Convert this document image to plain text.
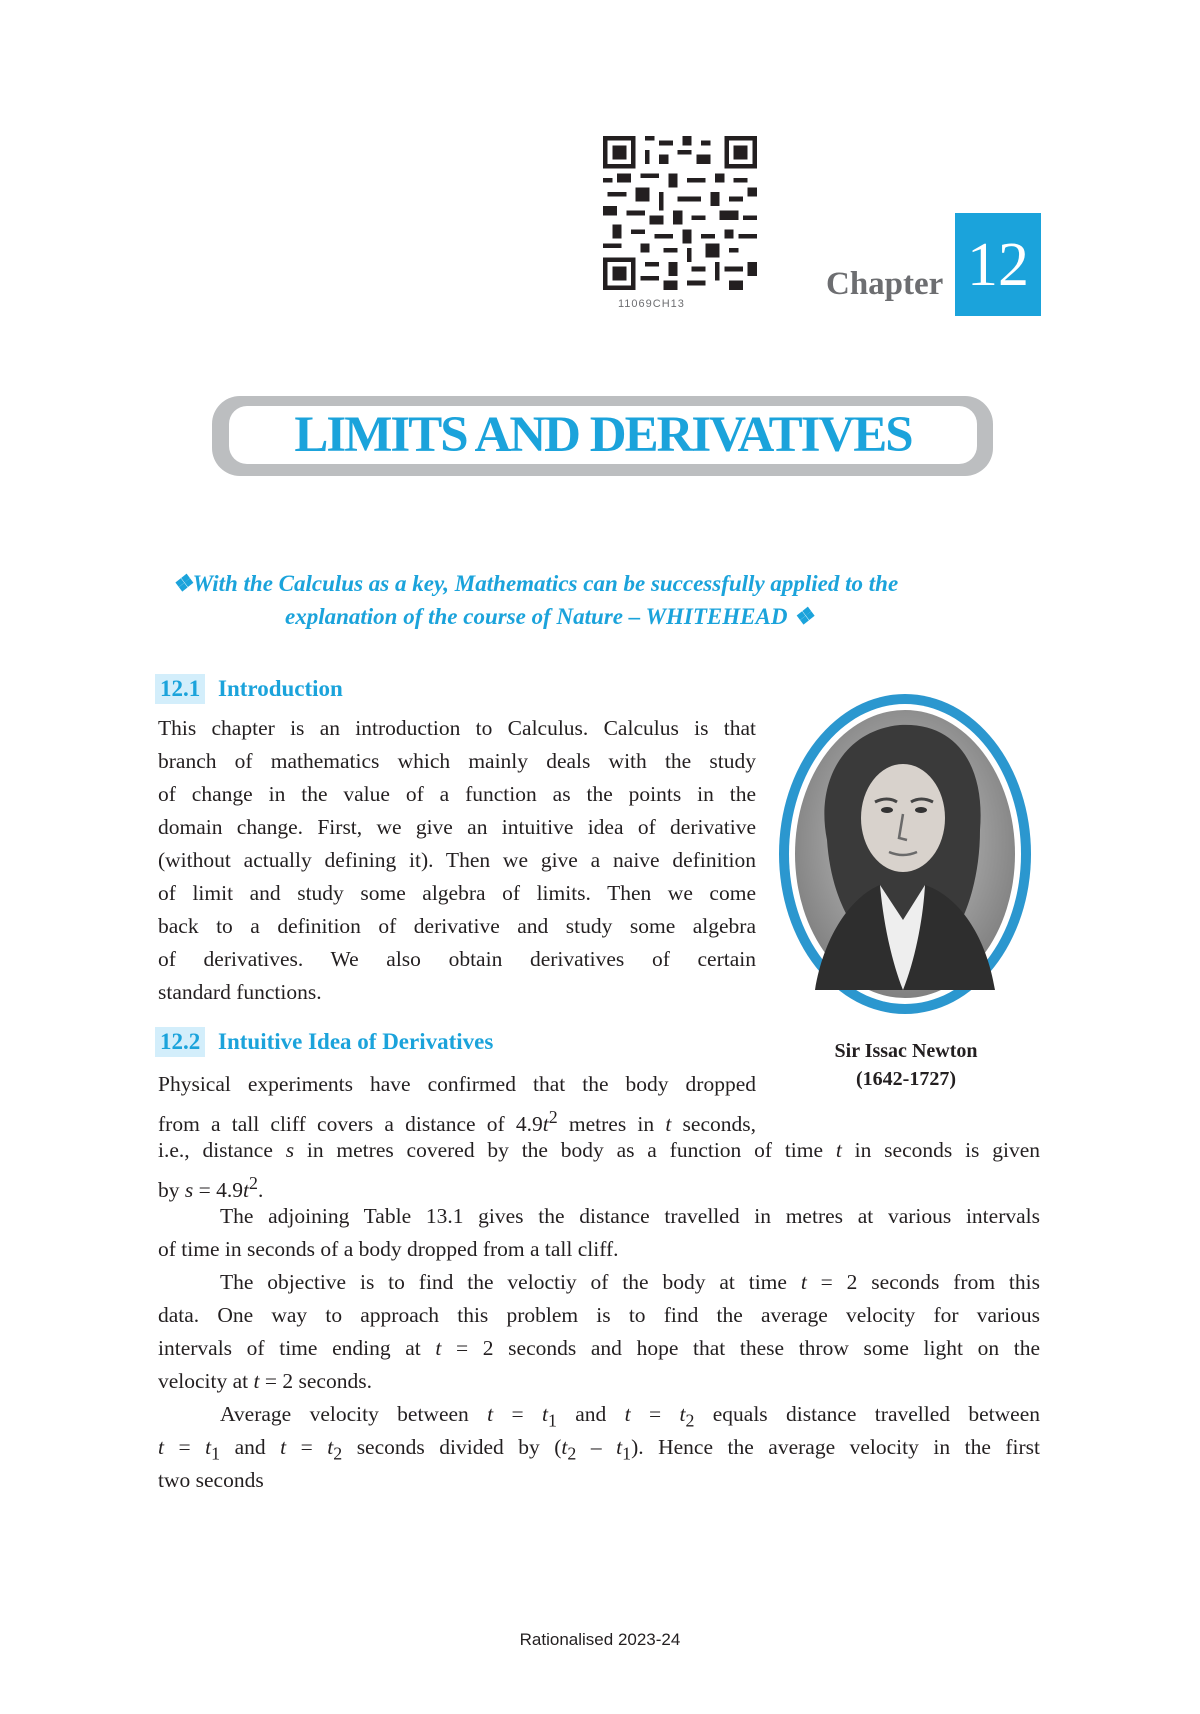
11069CH13
Chapter 12
LIMITS AND DERIVATIVES
❖With the Calculus as a key, Mathematics can be successfully applied to the
explanation of the course of Nature – WHITEHEAD ❖
12.1 Introduction
This chapter is an introduction to Calculus. Calculus is that
branch of mathematics which mainly deals with the study
of change in the value of a function as the points in the
domain change. First, we give an intuitive idea of derivative
(without actually defining it). Then we give a naive definition
of limit and study some algebra of limits. Then we come
back to a definition of derivative and study some algebra
of derivatives. We also obtain derivatives of certain
standard functions.
Sir Issac Newton
(1642-1727)
12.2 Intuitive Idea of Derivatives
Physical experiments have confirmed that the body dropped
from a tall cliff covers a distance of $4.9t^2$ metres in t seconds,
i.e., distance s in metres covered by the body as a function of time t in seconds is given
by $s = 4.9t^2$.
The adjoining Table 13.1 gives the distance travelled in metres at various intervals
of time in seconds of a body dropped from a tall cliff.
The objective is to find the veloctiy of the body at time t = 2 seconds from this
data. One way to approach this problem is to find the average velocity for various
intervals of time ending at t = 2 seconds and hope that these throw some light on the
velocity at t = 2 seconds.
Average velocity between $t = t_1$ and $t = t_2$ equals distance travelled between
$t = t_1$ and $t = t_2$ seconds divided by $(t_2 - t_1)$. Hence the average velocity in the first
two seconds
Rationalised 2023-24
